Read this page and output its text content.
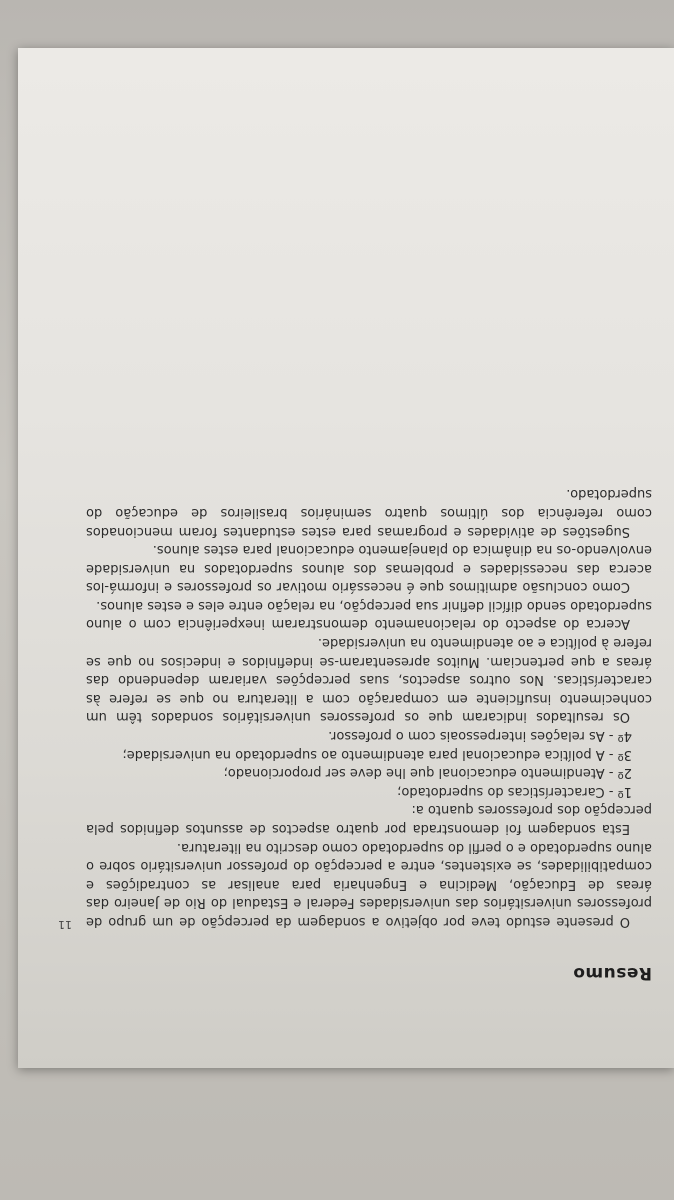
11
Resumo

O presente estudo teve por objetivo a sondagem da percepção de um grupo de professores universitários das universidades Federal e Estadual do Rio de Janeiro das áreas de Educação, Medicina e Engenharia para analisar as contradições e compatibilidades, se existentes, entre a percepção do professor universitário sobre o aluno superdotado e o perfil do superdotado como descrito na literatura.

Esta sondagem foi demonstrada por quatro aspectos de assuntos definidos pela percepção dos professores quanto a:

1º - Características do superdotado;

2º - Atendimento educacional que lhe deve ser proporcionado;

3º - A política educacional para atendimento ao superdotado na universidade;

4º - As relações interpessoais com o professor.

Os resultados indicaram que os professores universitários sondados têm um conhecimento insuficiente em comparação com a literatura no que se refere às características. Nos outros aspectos, suas percepções variaram dependendo das áreas a que pertenciam. Muitos apresentaram-se indefinidos e indecisos no que se refere à política e ao atendimento na universidade.

Acerca do aspecto do relacionamento demonstraram inexperiência com o aluno superdotado sendo difícil definir sua percepção, na relação entre eles e estes alunos.

Como conclusão admitimos que é necessário motivar os professores e informá-los acerca das necessidades e problemas dos alunos superdotados na universidade envolvendo-os na dinâmica do planejamento educacional para estes alunos.

Sugestões de atividades e programas para estes estudantes foram mencionados como referência dos últimos quatro seminários brasileiros de educação do superdotado.
